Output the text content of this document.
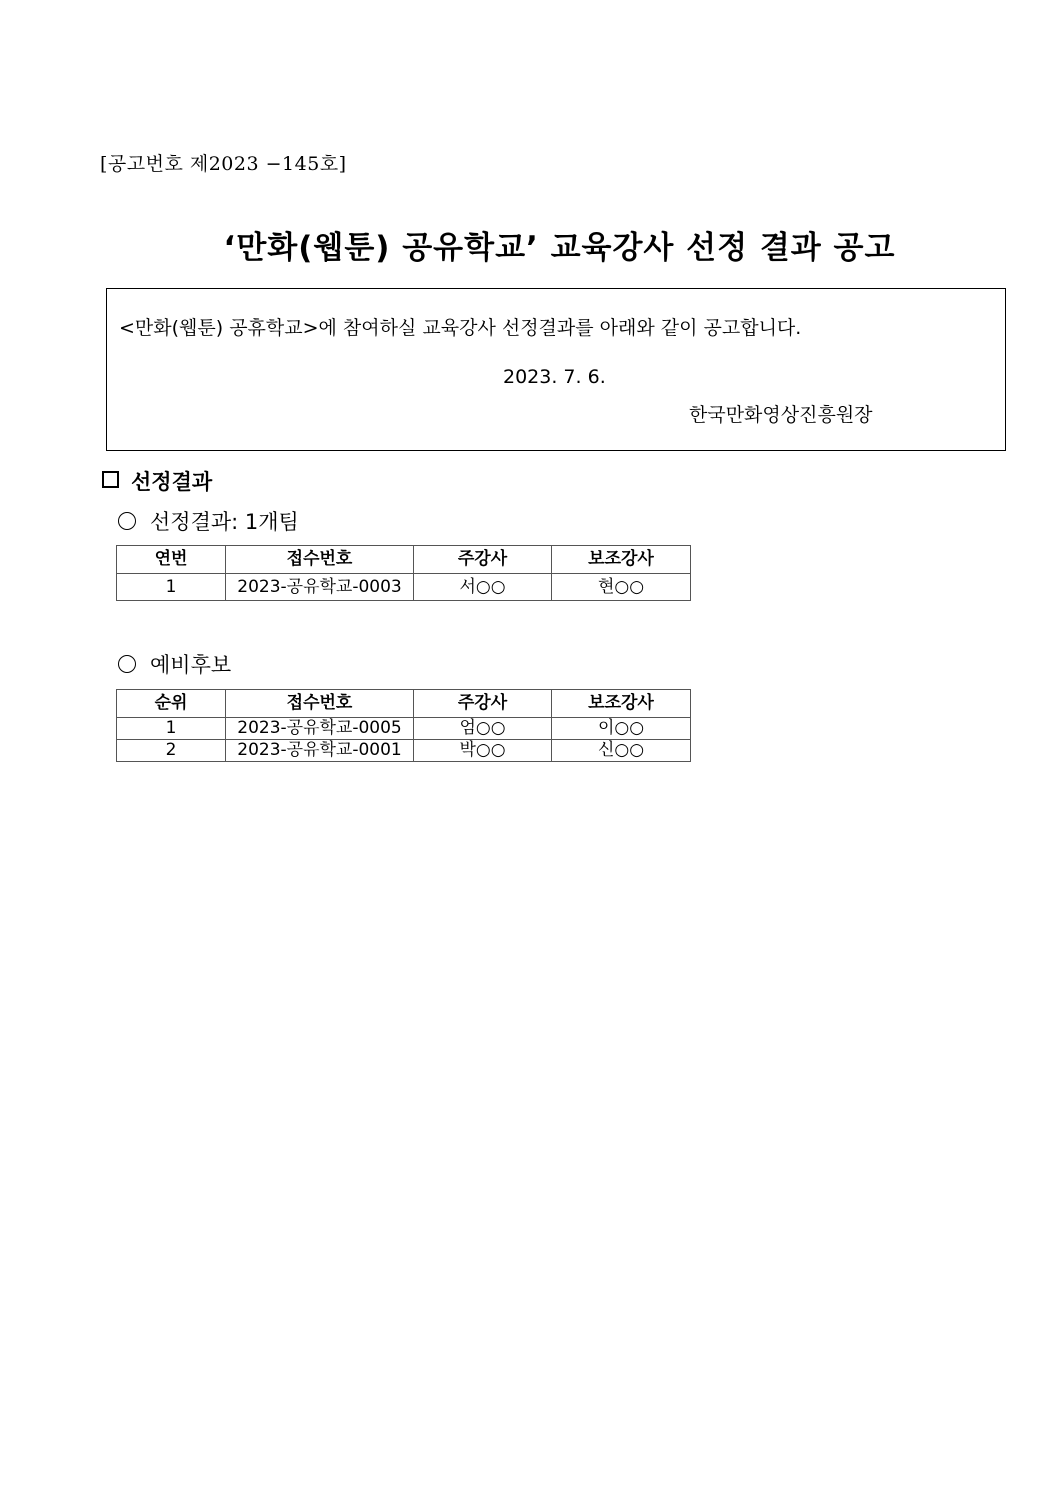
[공고번호 제2023 −145호]
‘만화(웹툰) 공유학교’ 교육강사 선정 결과 공고
<만화(웹툰) 공휴학교>에 참여하실 교육강사 선정결과를 아래와 같이 공고합니다.
2023. 7. 6.
한국만화영상진흥원장
선정결과
선정결과: 1개팀
연번	접수번호	주강사	보조강사
1	2023-공유학교-0003	서○○	현○○
예비후보
순위	접수번호	주강사	보조강사
1	2023-공유학교-0005	엄○○	이○○
2	2023-공유학교-0001	박○○	신○○
